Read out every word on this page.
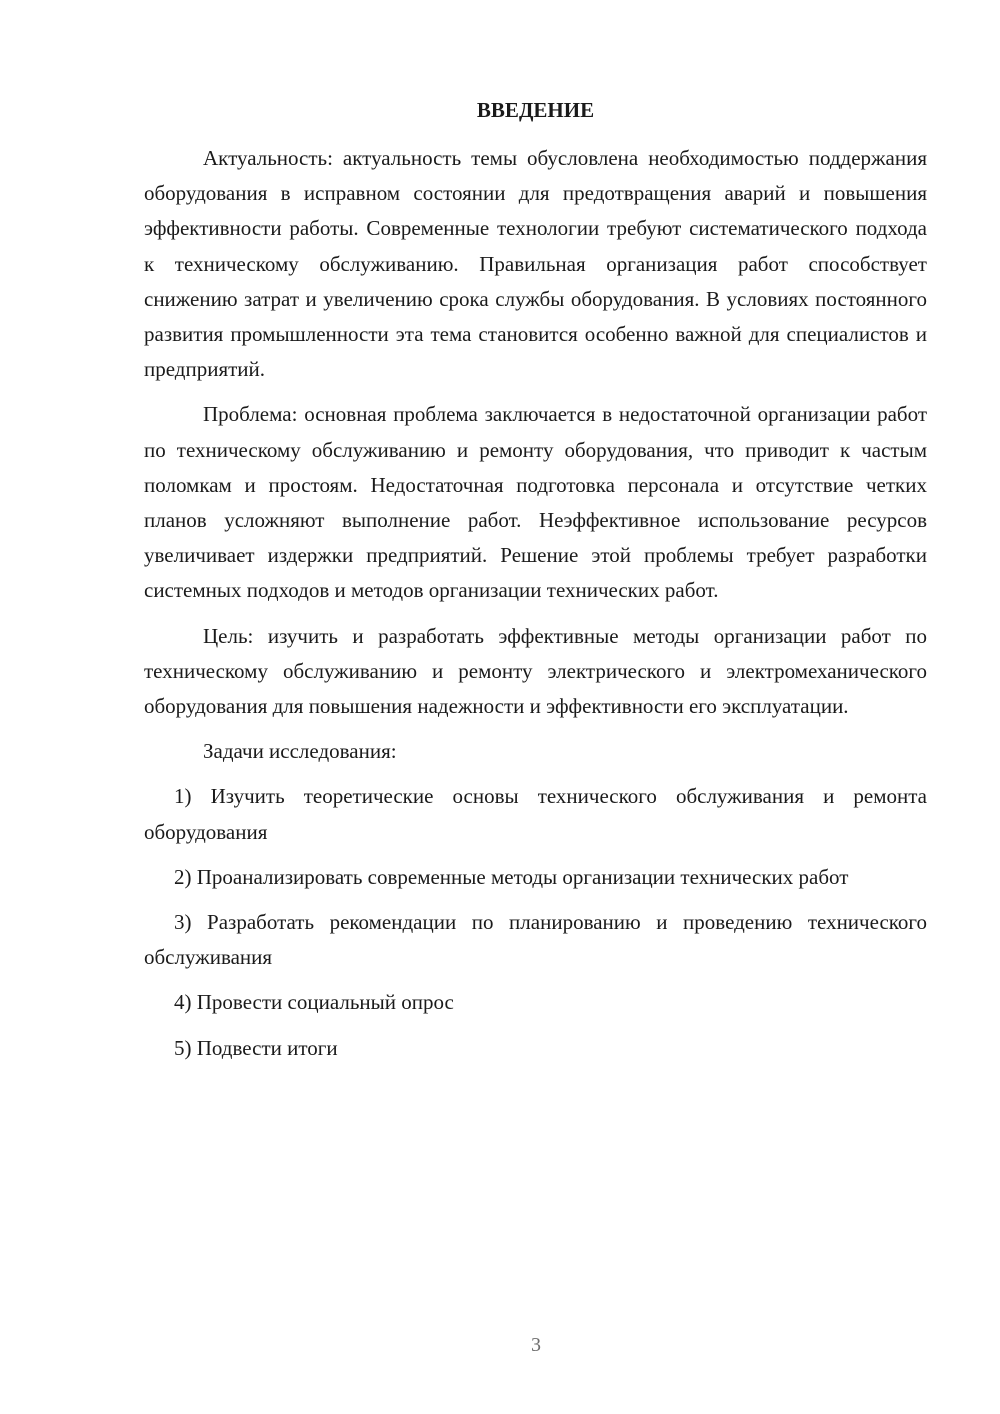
ВВЕДЕНИЕ

Актуальность: актуальность темы обусловлена необходимостью поддержания оборудования в исправном состоянии для предотвращения аварий и повышения эффективности работы. Современные технологии требуют систематического подхода к техническому обслуживанию. Правильная организация работ способствует снижению затрат и увеличению срока службы оборудования. В условиях постоянного развития промышленности эта тема становится особенно важной для специалистов и предприятий.

Проблема: основная проблема заключается в недостаточной организации работ по техническому обслуживанию и ремонту оборудования, что приводит к частым поломкам и простоям. Недостаточная подготовка персонала и отсутствие четких планов усложняют выполнение работ. Неэффективное использование ресурсов увеличивает издержки предприятий. Решение этой проблемы требует разработки системных подходов и методов организации технических работ.

Цель: изучить и разработать эффективные методы организации работ по техническому обслуживанию и ремонту электрического и электромеханического оборудования для повышения надежности и эффективности его эксплуатации.

Задачи исследования:

1) Изучить теоретические основы технического обслуживания и ремонта оборудования

2) Проанализировать современные методы организации технических работ

3) Разработать рекомендации по планированию и проведению технического обслуживания

4) Провести социальный опрос

5) Подвести итоги

3
